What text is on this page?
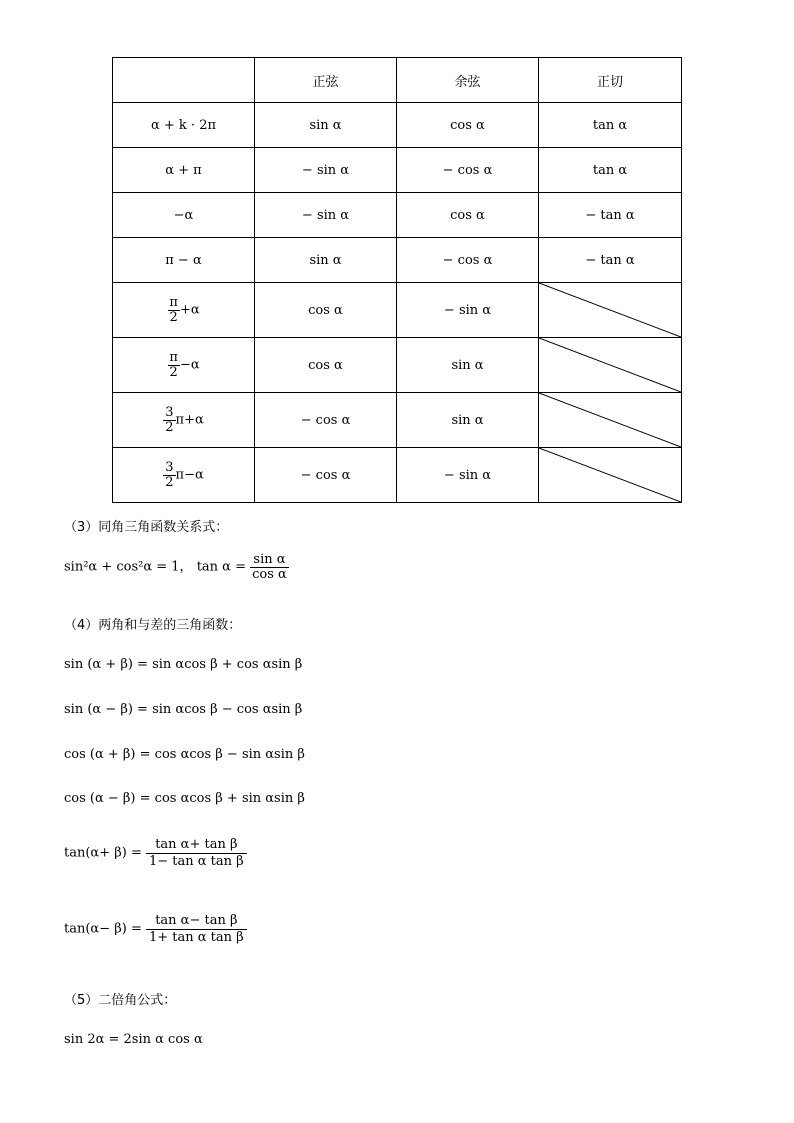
	正弦	余弦	正切
α + k · 2π	sin α	cos α	tan α
α + π	− sin α	− cos α	tan α
−α	− sin α	cos α	− tan α
π − α	sin α	− cos α	− tan α

$\frac{\pi}{2} +\alpha$	cos α	− sin α	

$\frac{\pi}{2} -\alpha$	cos α	sin α	

$\frac{3}{2} \pi+\alpha$	− cos α	sin α	

$\frac{3}{2} \pi-\alpha$	− cos α	− sin α	
（3）同角三角函数关系式：
sin²α + cos²α = 1， $\tan \alpha = \frac{\text{sin α}}{\text{cos α}}$
（4）两角和与差的三角函数：
sin (α + β) = sin αcos β + cos αsin β
sin (α − β) = sin αcos β − cos αsin β
cos (α + β) = cos αcos β − sin αsin β
cos (α − β) = cos αcos β + sin αsin β
$\tan(\alpha+ \beta) = \frac{\text{tan α+ tan β}}{\text{1− tan α tan β}}$
$\tan(\alpha- \beta) = \frac{\text{tan α− tan β}}{\text{1+ tan α tan β}}$
（5）二倍角公式：
sin 2α = 2sin α cos α
